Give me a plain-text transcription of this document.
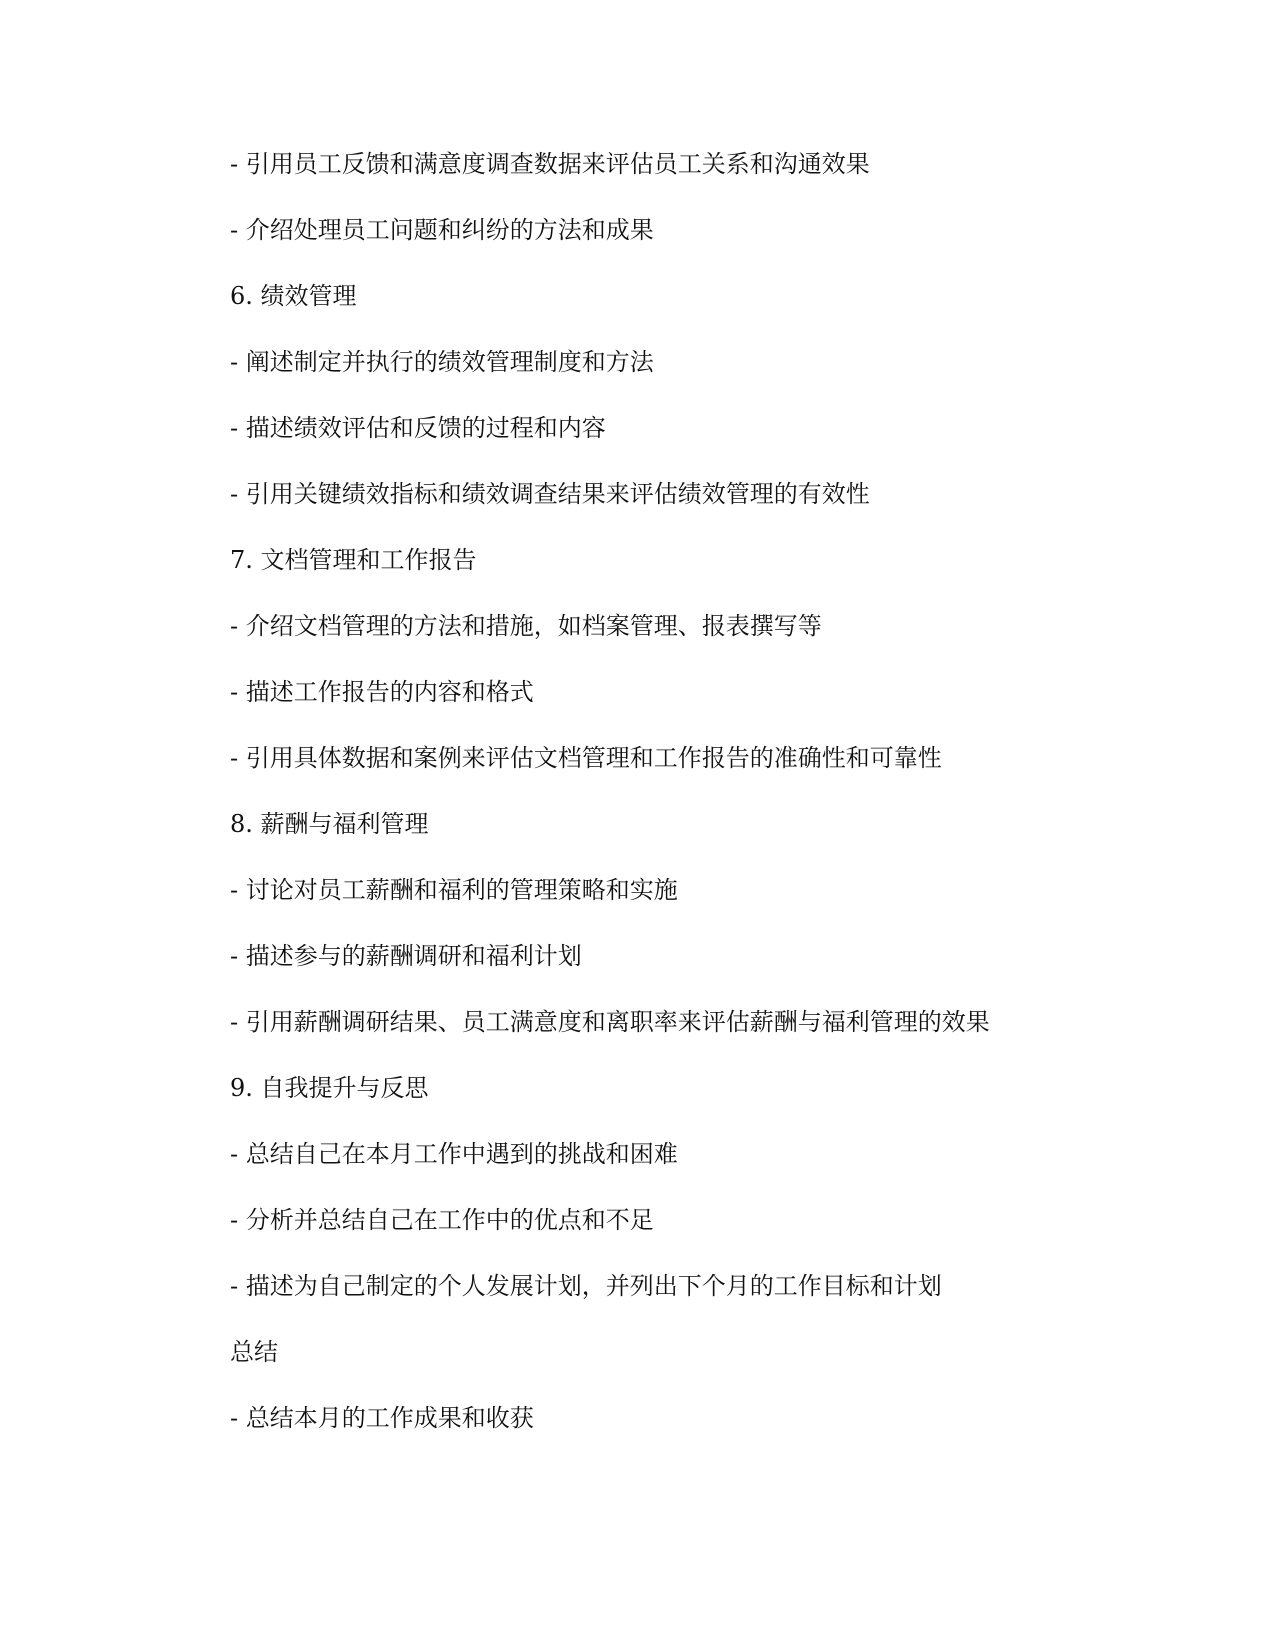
- 引用员工反馈和满意度调查数据来评估员工关系和沟通效果

- 介绍处理员工问题和纠纷的方法和成果

6. 绩效管理

- 阐述制定并执行的绩效管理制度和方法

- 描述绩效评估和反馈的过程和内容

- 引用关键绩效指标和绩效调查结果来评估绩效管理的有效性

7. 文档管理和工作报告

- 介绍文档管理的方法和措施，如档案管理、报表撰写等

- 描述工作报告的内容和格式

- 引用具体数据和案例来评估文档管理和工作报告的准确性和可靠性

8. 薪酬与福利管理

- 讨论对员工薪酬和福利的管理策略和实施

- 描述参与的薪酬调研和福利计划

- 引用薪酬调研结果、员工满意度和离职率来评估薪酬与福利管理的效果

9. 自我提升与反思

- 总结自己在本月工作中遇到的挑战和困难

- 分析并总结自己在工作中的优点和不足

- 描述为自己制定的个人发展计划，并列出下个月的工作目标和计划

总结

- 总结本月的工作成果和收获
